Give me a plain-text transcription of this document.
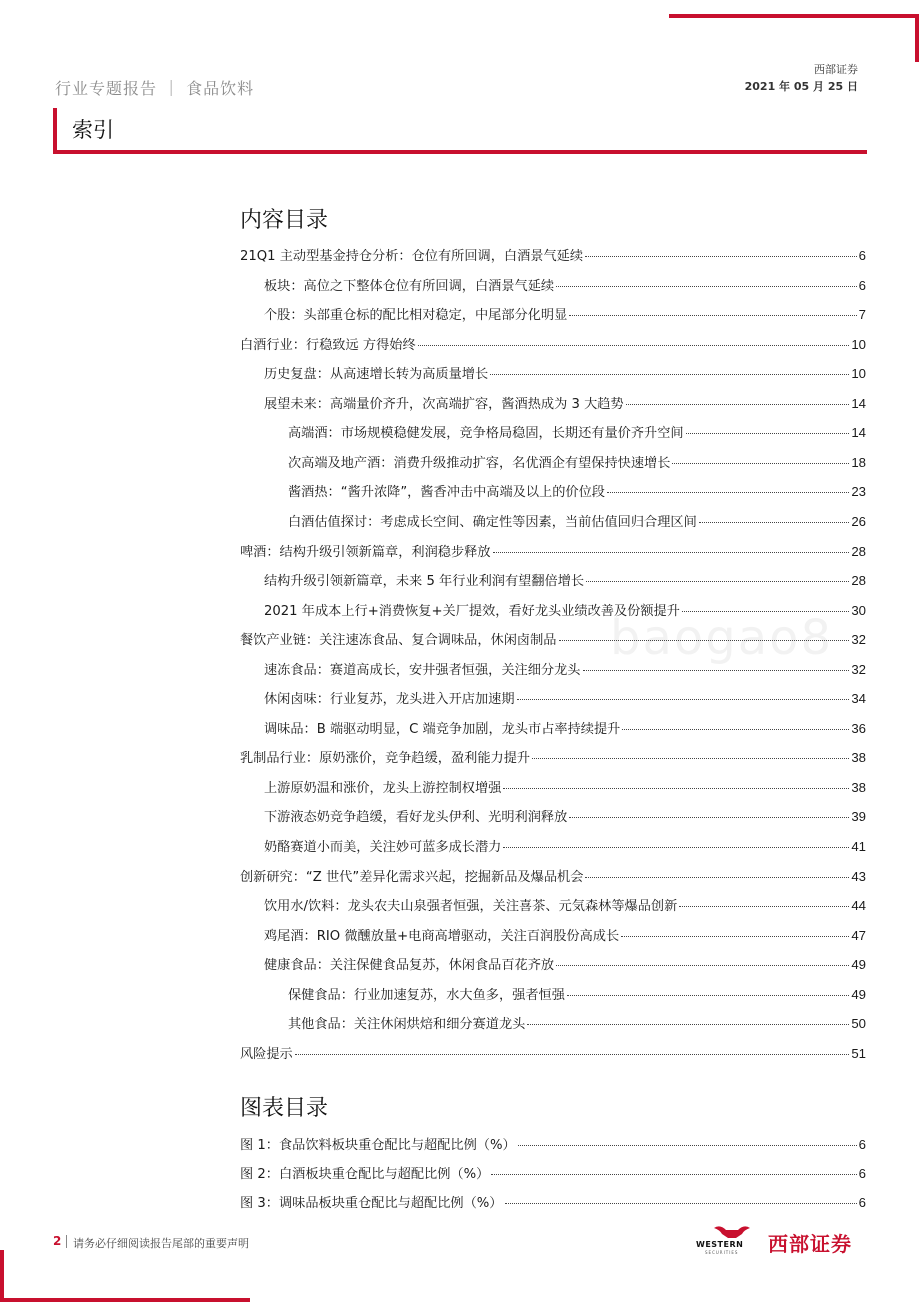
行业专题报告 ｜ 食品饮料
西部证券
2021 年 05 月 25 日
索引
baogao8
内容目录
21Q1 主动型基金持仓分析：仓位有所回调，白酒景气延续	6
板块：高位之下整体仓位有所回调，白酒景气延续	6
个股：头部重仓标的配比相对稳定，中尾部分化明显	7
白酒行业：行稳致远 方得始终	10
历史复盘：从高速增长转为高质量增长	10
展望未来：高端量价齐升，次高端扩容，酱酒热成为 3 大趋势	14
高端酒：市场规模稳健发展，竞争格局稳固，长期还有量价齐升空间	14
次高端及地产酒：消费升级推动扩容，名优酒企有望保持快速增长	18
酱酒热：“酱升浓降”，酱香冲击中高端及以上的价位段	23
白酒估值探讨：考虑成长空间、确定性等因素，当前估值回归合理区间	26
啤酒：结构升级引领新篇章，利润稳步释放	28
结构升级引领新篇章，未来 5 年行业利润有望翻倍增长	28
2021 年成本上行+消费恢复+关厂提效，看好龙头业绩改善及份额提升	30
餐饮产业链：关注速冻食品、复合调味品，休闲卤制品	32
速冻食品：赛道高成长，安井强者恒强，关注细分龙头	32
休闲卤味：行业复苏，龙头进入开店加速期	34
调味品：B 端驱动明显，C 端竞争加剧，龙头市占率持续提升	36
乳制品行业：原奶涨价，竞争趋缓，盈利能力提升	38
上游原奶温和涨价，龙头上游控制权增强	38
下游液态奶竞争趋缓，看好龙头伊利、光明利润释放	39
奶酪赛道小而美，关注妙可蓝多成长潜力	41
创新研究：“Z 世代”差异化需求兴起，挖掘新品及爆品机会	43
饮用水/饮料：龙头农夫山泉强者恒强，关注喜茶、元気森林等爆品创新	44
鸡尾酒：RIO 微醺放量+电商高增驱动，关注百润股份高成长	47
健康食品：关注保健食品复苏，休闲食品百花齐放	49
保健食品：行业加速复苏，水大鱼多，强者恒强	49
其他食品：关注休闲烘焙和细分赛道龙头	50
风险提示	51
图表目录
图 1：食品饮料板块重仓配比与超配比例（%）	6
图 2：白酒板块重仓配比与超配比例（%）	6
图 3：调味品板块重仓配比与超配比例（%）	6
2 请务必仔细阅读报告尾部的重要声明	WESTERN
SECURITIES 西部证券
